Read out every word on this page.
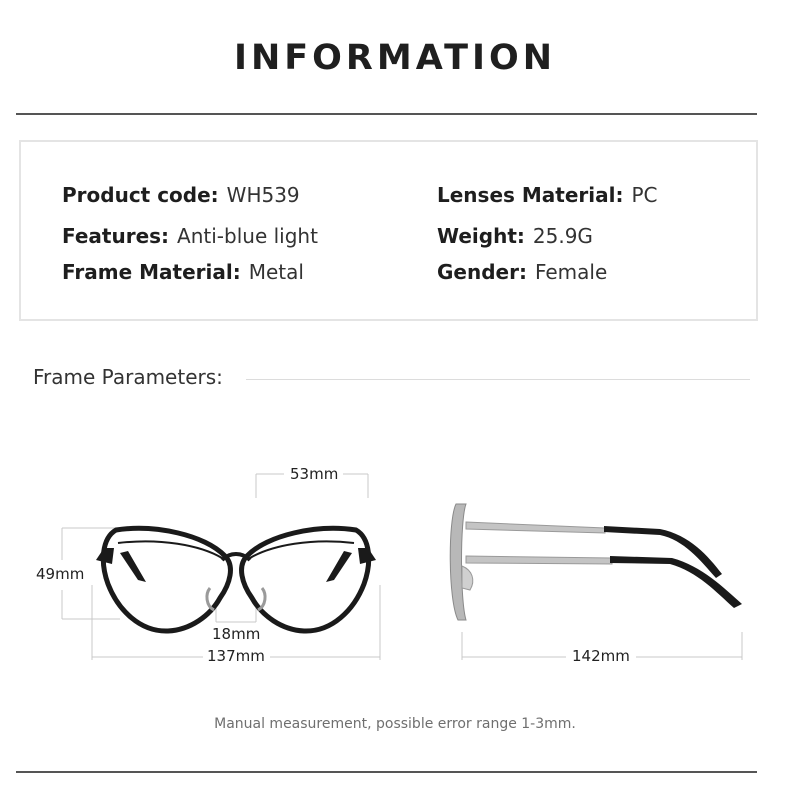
INFORMATION
Product code: WH539
Features: Anti-blue light
Frame Material: Metal
Lenses Material: PC
Weight: 25.9G
Gender: Female
Frame Parameters:
53mm
49mm
18mm
137mm	142mm
Manual measurement, possible error range 1-3mm.
